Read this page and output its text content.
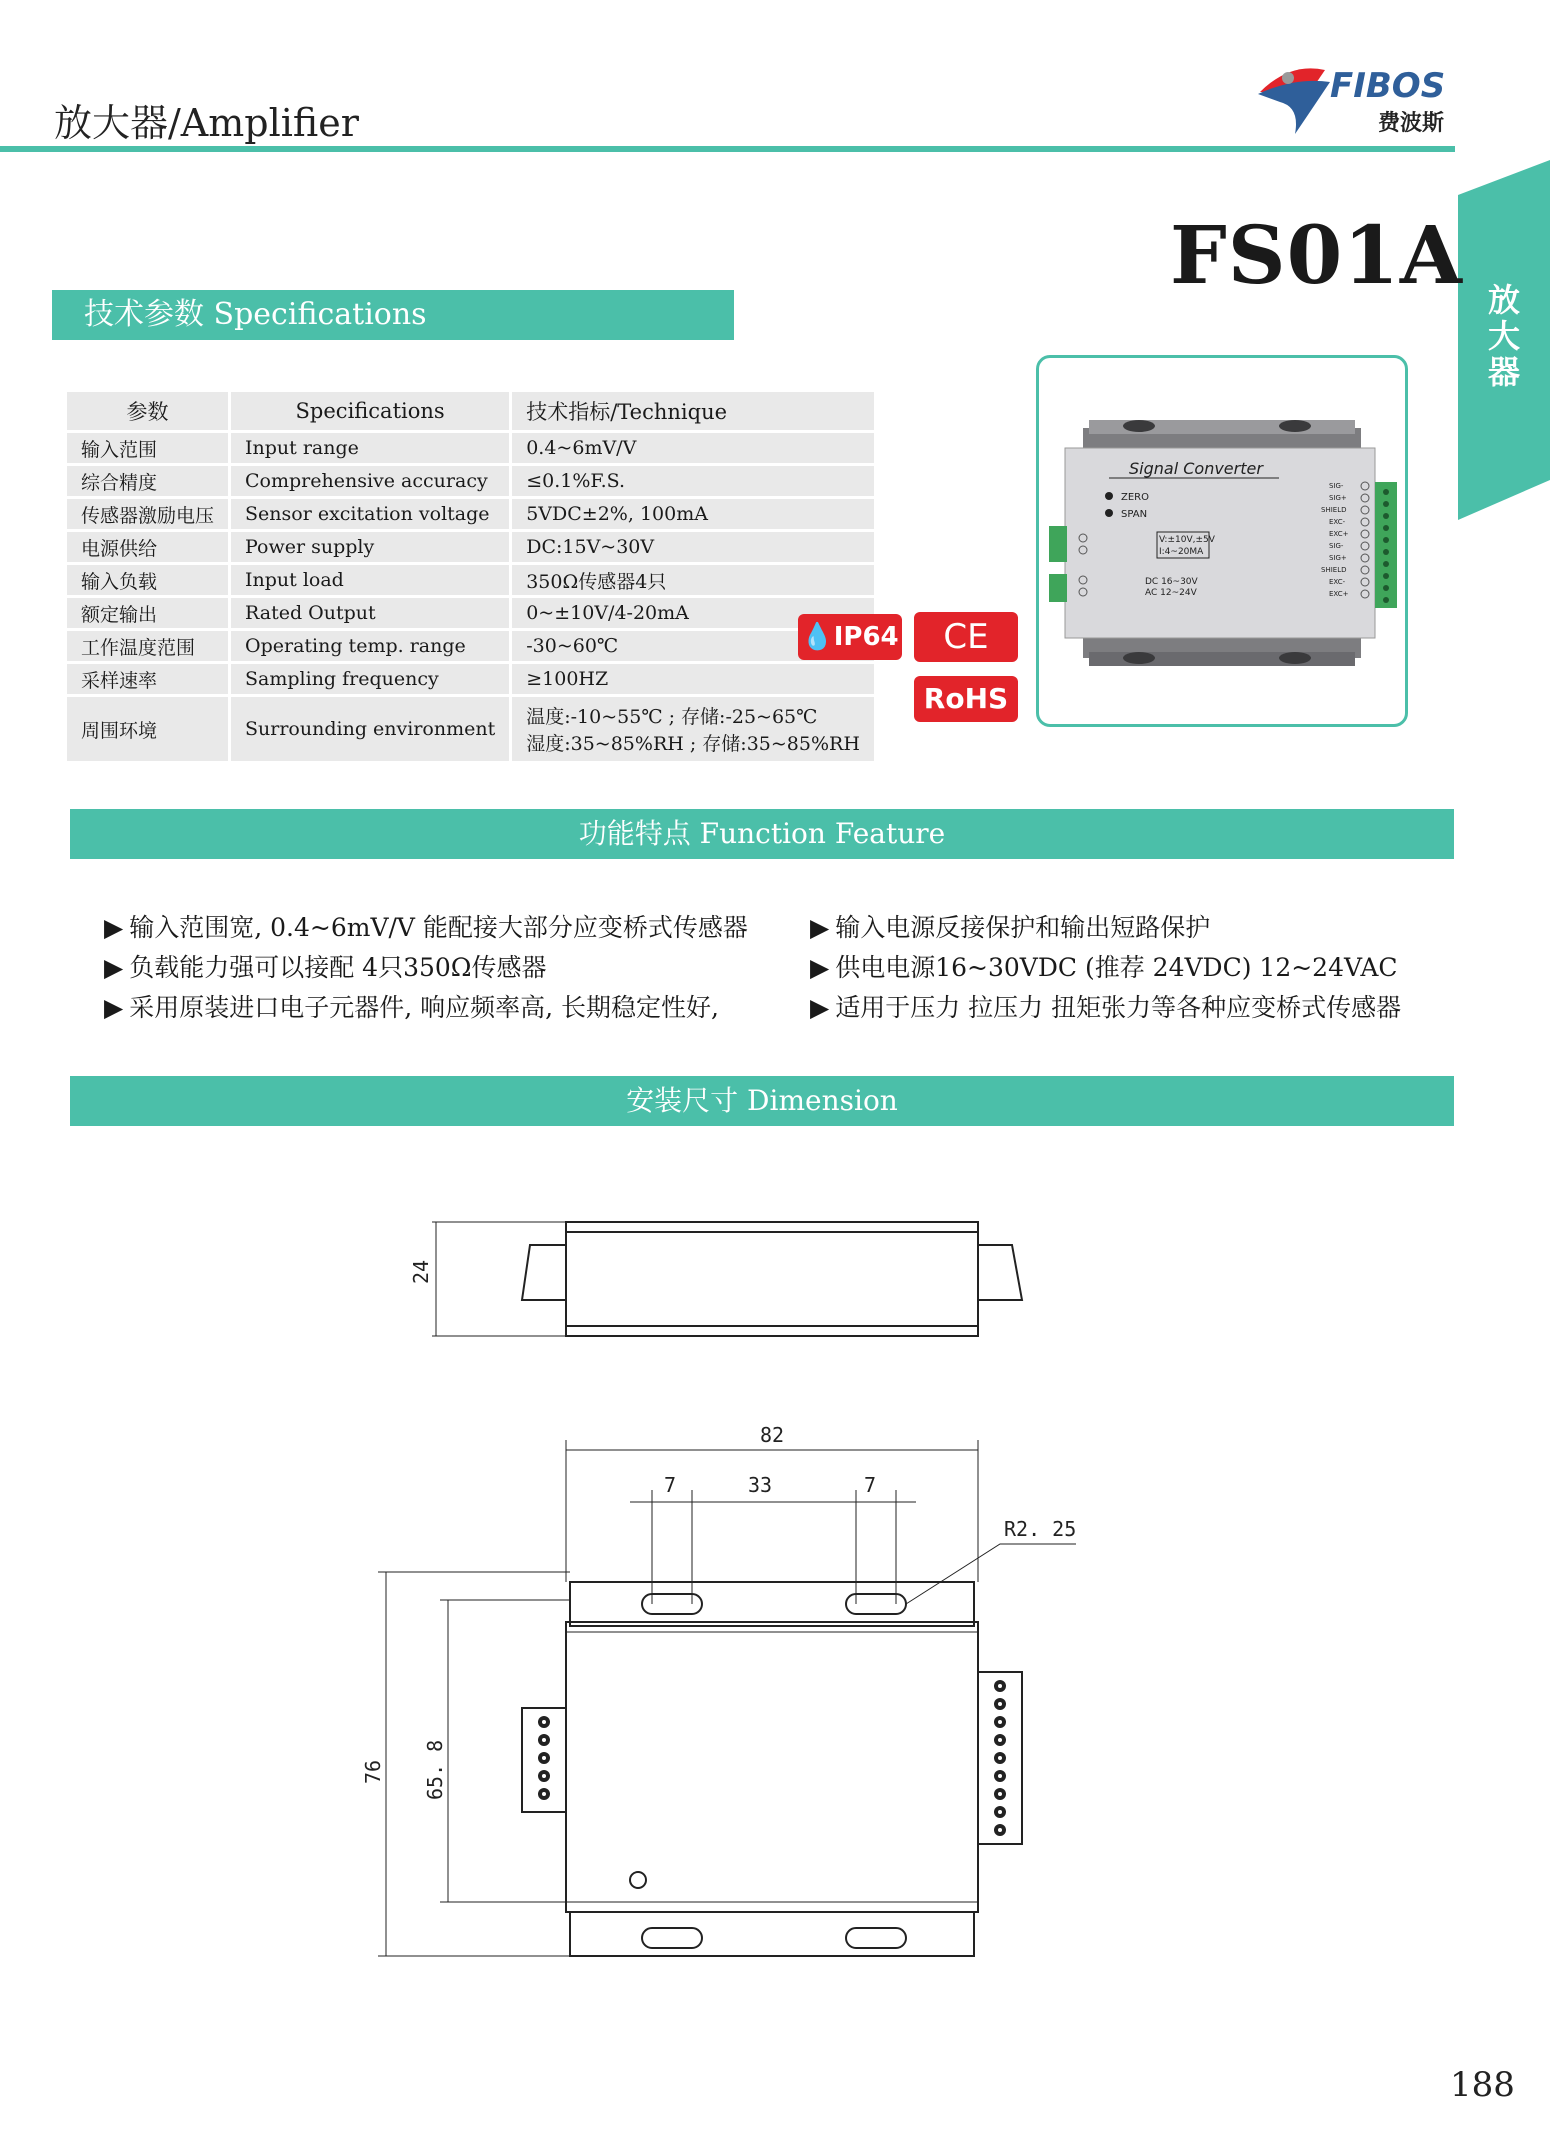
放大器/Amplifier
FIBOS
费波斯
放大器
FS01A
技术参数 Specifications
参数	Specifications	技术指标/Technique
输入范围	Input range	0.4~6mV/V
综合精度	Comprehensive accuracy	≤0.1%F.S.
传感器激励电压	Sensor excitation voltage	5VDC±2%, 100mA
电源供给	Power supply	DC:15V~30V
输入负载	Input load	350Ω传感器4只
额定输出	Rated Output	0~±10V/4-20mA
工作温度范围	Operating temp. range	-30~60℃
采样速率	Sampling frequency	≥100HZ
周围环境	Surrounding environment	温度:-10~55℃ ; 存储:-25~65℃
湿度:35~85%RH ; 存储:35~85%RH
💧IP64	CE
RoHS
Signal Converter
ZERO
SPAN
V:±10V,±5V
I:4~20MA
DC 16~30V
AC 12~24V
SIG-
SIG+
SHIELD
EXC-
EXC+
SIG-
SIG+
SHIELD
EXC-
EXC+
功能特点 Function Feature
▶ 输入范围宽, 0.4~6mV/V 能配接大部分应变桥式传感器
▶ 负载能力强可以接配 4只350Ω传感器
▶ 采用原装进口电子元器件, 响应频率高, 长期稳定性好,
▶ 输入电源反接保护和输出短路保护
▶ 供电电源16~30VDC (推荐 24VDC) 12~24VAC
▶ 适用于压力 拉压力 扭矩张力等各种应变桥式传感器
安装尺寸 Dimension
24
82
7	33	7
R2. 25
76 65. 8
188
